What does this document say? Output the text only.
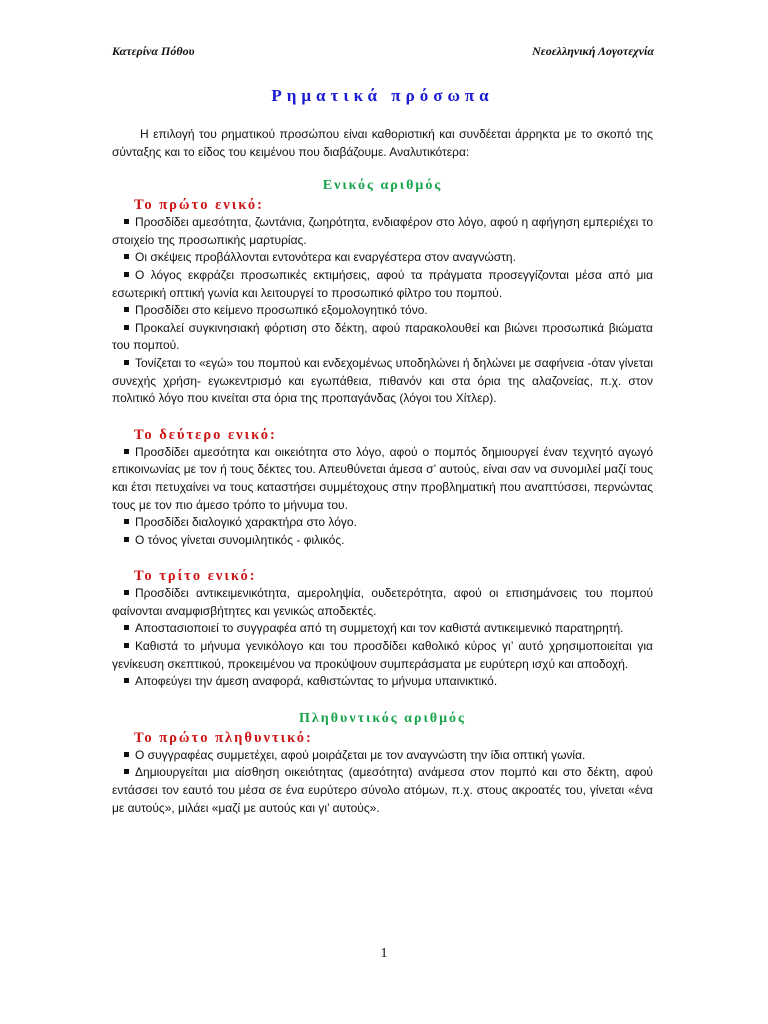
Κατερίνα Πόθου	Νεοελληνική Λογοτεχνία
Ρηματικά πρόσωπα

Η επιλογή του ρηματικού προσώπου είναι καθοριστική και συνδέεται άρρηκτα με το σκοπό της σύνταξης και το είδος του κειμένου που διαβάζουμε. Αναλυτικότερα:

Ενικός αριθμός
Το πρώτο ενικό:

Προσδίδει αμεσότητα, ζωντάνια, ζωηρότητα, ενδιαφέρον στο λόγο, αφού η αφήγηση εμπεριέχει το στοιχείο της προσωπικής μαρτυρίας.

Οι σκέψεις προβάλλονται εντονότερα και εναργέστερα στον αναγνώστη.

Ο λόγος εκφράζει προσωπικές εκτιμήσεις, αφού τα πράγματα προσεγγίζονται μέσα από μια εσωτερική οπτική γωνία και λειτουργεί το προσωπικό φίλτρο του πομπού.

Προσδίδει στο κείμενο προσωπικό εξομολογητικό τόνο.

Προκαλεί συγκινησιακή φόρτιση στο δέκτη, αφού παρακολουθεί και βιώνει προσωπικά βιώματα του πομπού.

Τονίζεται το «εγώ» του πομπού και ενδεχομένως υποδηλώνει ή δηλώνει με σαφήνεια -όταν γίνεται συνεχής χρήση- εγωκεντρισμό και εγωπάθεια, πιθανόν και στα όρια της αλαζονείας, π.χ. στον πολιτικό λόγο που κινείται στα όρια της προπαγάνδας (λόγοι του Χίτλερ).

Το δεύτερο ενικό:

Προσδίδει αμεσότητα και οικειότητα στο λόγο, αφού ο πομπός δημιουργεί έναν τεχνητό αγωγό επικοινωνίας με τον ή τους δέκτες του. Απευθύνεται άμεσα σ’ αυτούς, είναι σαν να συνομιλεί μαζί τους και έτσι πετυχαίνει να τους καταστήσει συμμέτοχους στην προβληματική που αναπτύσσει, περνώντας τους με τον πιο άμεσο τρόπο το μήνυμα του.

Προσδίδει διαλογικό χαρακτήρα στο λόγο.

Ο τόνος γίνεται συνομιλητικός - φιλικός.

Το τρίτο ενικό:

Προσδίδει αντικειμενικότητα, αμεροληψία, ουδετερότητα, αφού οι επισημάνσεις του πομπού φαίνονται αναμφισβήτητες και γενικώς αποδεκτές.

Αποστασιοποιεί το συγγραφέα από τη συμμετοχή και τον καθιστά αντικειμενικό παρατηρητή.

Καθιστά το μήνυμα γενικόλογο και του προσδίδει καθολικό κύρος γι’ αυτό χρησιμοποιείται για γενίκευση σκεπτικού, προκειμένου να προκύψουν συμπεράσματα με ευρύτερη ισχύ και αποδοχή.

Αποφεύγει την άμεση αναφορά, καθιστώντας το μήνυμα υπαινικτικό.

Πληθυντικός αριθμός
Το πρώτο πληθυντικό:

Ο συγγραφέας συμμετέχει, αφού μοιράζεται με τον αναγνώστη την ίδια οπτική γωνία.

Δημιουργείται μια αίσθηση οικειότητας (αμεσότητα) ανάμεσα στον πομπό και στο δέκτη, αφού εντάσσει τον εαυτό του μέσα σε ένα ευρύτερο σύνολο ατόμων, π.χ. στους ακροατές του, γίνεται «ένα με αυτούς», μιλάει «μαζί με αυτούς και γι’ αυτούς».

1
